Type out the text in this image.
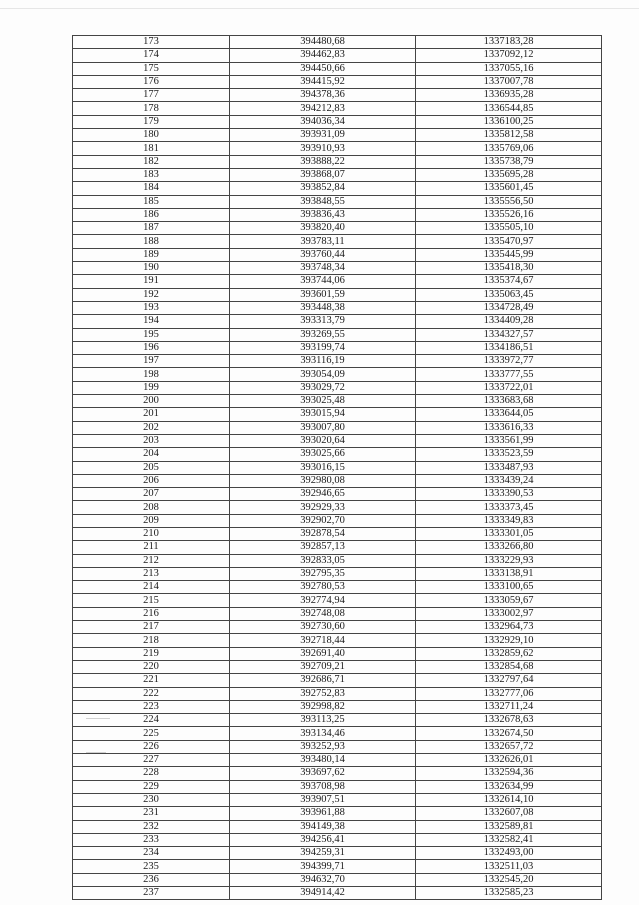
173	394480,68	1337183,28
174	394462,83	1337092,12
175	394450,66	1337055,16
176	394415,92	1337007,78
177	394378,36	1336935,28
178	394212,83	1336544,85
179	394036,34	1336100,25
180	393931,09	1335812,58
181	393910,93	1335769,06
182	393888,22	1335738,79
183	393868,07	1335695,28
184	393852,84	1335601,45
185	393848,55	1335556,50
186	393836,43	1335526,16
187	393820,40	1335505,10
188	393783,11	1335470,97
189	393760,44	1335445,99
190	393748,34	1335418,30
191	393744,06	1335374,67
192	393601,59	1335063,45
193	393448,38	1334728,49
194	393313,79	1334409,28
195	393269,55	1334327,57
196	393199,74	1334186,51
197	393116,19	1333972,77
198	393054,09	1333777,55
199	393029,72	1333722,01
200	393025,48	1333683,68
201	393015,94	1333644,05
202	393007,80	1333616,33
203	393020,64	1333561,99
204	393025,66	1333523,59
205	393016,15	1333487,93
206	392980,08	1333439,24
207	392946,65	1333390,53
208	392929,33	1333373,45
209	392902,70	1333349,83
210	392878,54	1333301,05
211	392857,13	1333266,80
212	392833,05	1333229,93
213	392795,35	1333138,91
214	392780,53	1333100,65
215	392774,94	1333059,67
216	392748,08	1333002,97
217	392730,60	1332964,73
218	392718,44	1332929,10
219	392691,40	1332859,62
220	392709,21	1332854,68
221	392686,71	1332797,64
222	392752,83	1332777,06
223	392998,82	1332711,24
224	393113,25	1332678,63
225	393134,46	1332674,50
226	393252,93	1332657,72
227	393480,14	1332626,01
228	393697,62	1332594,36
229	393708,98	1332634,99
230	393907,51	1332614,10
231	393961,88	1332607,08
232	394149,38	1332589,81
233	394256,41	1332582,41
234	394259,31	1332493,00
235	394399,71	1332511,03
236	394632,70	1332545,20
237	394914,42	1332585,23
